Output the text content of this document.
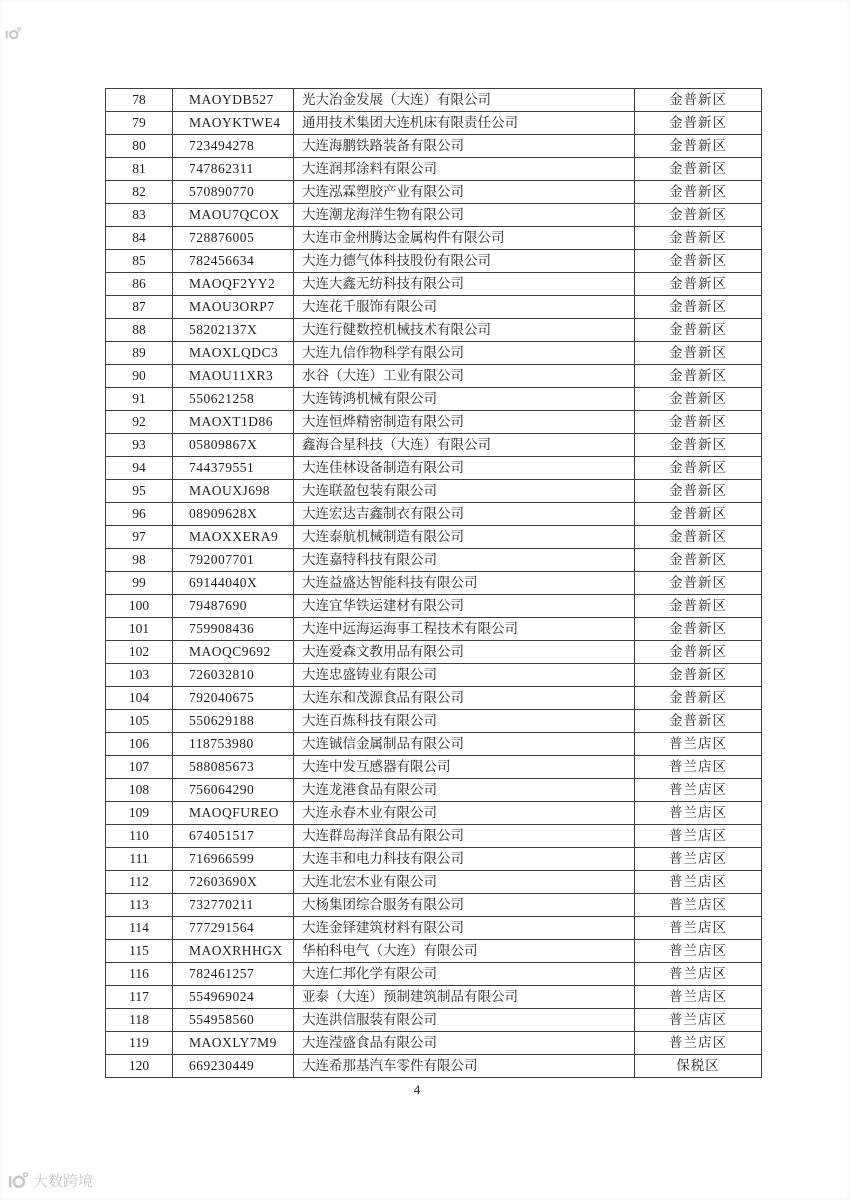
78	MAOYDB527	光大冶金发展（大连）有限公司	金普新区
79	MAOYKTWE4	通用技术集团大连机床有限责任公司	金普新区
80	723494278	大连海鹏铁路装备有限公司	金普新区
81	747862311	大连润邦涂料有限公司	金普新区
82	570890770	大连泓霖塑胶产业有限公司	金普新区
83	MAOU7QCOX	大连潮龙海洋生物有限公司	金普新区
84	728876005	大连市金州腾达金属构件有限公司	金普新区
85	782456634	大连力德气体科技股份有限公司	金普新区
86	MAOQF2YY2	大连大鑫无纺科技有限公司	金普新区
87	MAOU3ORP7	大连花千服饰有限公司	金普新区
88	58202137X	大连行健数控机械技术有限公司	金普新区
89	MAOXLQDC3	大连九信作物科学有限公司	金普新区
90	MAOU11XR3	水谷（大连）工业有限公司	金普新区
91	550621258	大连铸鸿机械有限公司	金普新区
92	MAOXT1D86	大连恒烨精密制造有限公司	金普新区
93	05809867X	鑫海合星科技（大连）有限公司	金普新区
94	744379551	大连佳林设备制造有限公司	金普新区
95	MAOUXJ698	大连联盈包装有限公司	金普新区
96	08909628X	大连宏达吉鑫制衣有限公司	金普新区
97	MAOXXERA9	大连泰航机械制造有限公司	金普新区
98	792007701	大连嘉特科技有限公司	金普新区
99	69144040X	大连益盛达智能科技有限公司	金普新区
100	79487690	大连宜华铁运建材有限公司	金普新区
101	759908436	大连中远海运海事工程技术有限公司	金普新区
102	MAOQC9692	大连爱森文教用品有限公司	金普新区
103	726032810	大连忠盛铸业有限公司	金普新区
104	792040675	大连东和茂源食品有限公司	金普新区
105	550629188	大连百炼科技有限公司	金普新区
106	118753980	大连铖信金属制品有限公司	普兰店区
107	588085673	大连中发互感器有限公司	普兰店区
108	756064290	大连龙港食品有限公司	普兰店区
109	MAOQFUREO	大连永春木业有限公司	普兰店区
110	674051517	大连群岛海洋食品有限公司	普兰店区
111	716966599	大连丰和电力科技有限公司	普兰店区
112	72603690X	大连北宏木业有限公司	普兰店区
113	732770211	大杨集团综合服务有限公司	普兰店区
114	777291564	大连金铎建筑材料有限公司	普兰店区
115	MAOXRHHGX	华柏科电气（大连）有限公司	普兰店区
116	782461257	大连仁邦化学有限公司	普兰店区
117	554969024	亚泰（大连）预制建筑制品有限公司	普兰店区
118	554958560	大连洪信服装有限公司	普兰店区
119	MAOXLY7M9	大连滢盛食品有限公司	普兰店区
120	669230449	大连希那基汽车零件有限公司	保税区
4
大数跨境
